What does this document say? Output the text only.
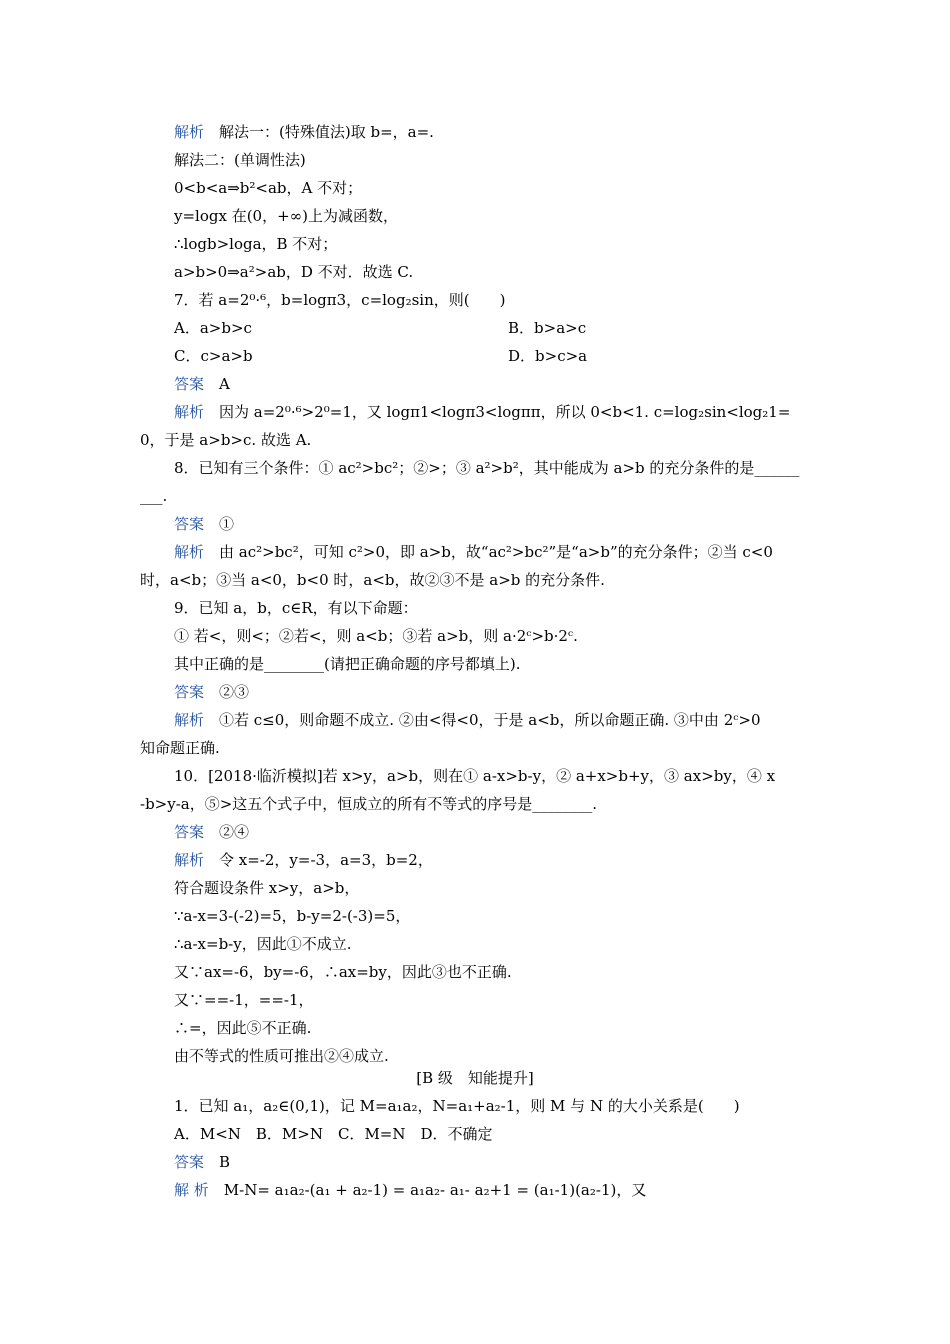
解析　解法一：(特殊值法)取 b=，a=.
解法二：(单调性法)
0<b<a⇒b²<ab，A 不对；
y=logx 在(0，+∞)上为减函数，
∴logb>loga，B 不对；
a>b>0⇒a²>ab，D 不对．故选 C.
7．若 a=2⁰·⁶，b=logπ3，c=log₂sin，则(　　)
A．a>b>c	B．b>a>c
C．c>a>b	D．b>c>a
答案　A
解析　因为 a=2⁰·⁶>2⁰=1，又 logπ1<logπ3<logππ，所以 0<b<1. c=log₂sin<log₂1=
0，于是 a>b>c. 故选 A.
8．已知有三个条件：① ac²>bc²；②>；③ a²>b²，其中能成为 a>b 的充分条件的是______
___.
答案　①
解析　由 ac²>bc²，可知 c²>0，即 a>b，故“ac²>bc²”是“a>b”的充分条件；②当 c<0
时，a<b；③当 a<0，b<0 时，a<b，故②③不是 a>b 的充分条件.
9．已知 a，b，c∈R，有以下命题：
① 若<，则<；②若<，则 a<b；③若 a>b，则 a·2ᶜ>b·2ᶜ.
其中正确的是________(请把正确命题的序号都填上).
答案　②③
解析　①若 c≤0，则命题不成立. ②由<得<0，于是 a<b，所以命题正确. ③中由 2ᶜ>0
知命题正确.
10．[2018·临沂模拟]若 x>y，a>b，则在① a-x>b-y，② a+x>b+y，③ ax>by，④ x
-b>y-a，⑤>这五个式子中，恒成立的所有不等式的序号是________.
答案　②④
解析　令 x=-2，y=-3，a=3，b=2，
符合题设条件 x>y，a>b，
∵a-x=3-(-2)=5，b-y=2-(-3)=5，
∴a-x=b-y，因此①不成立.
又∵ax=-6，by=-6，∴ax=by，因此③也不正确.
又∵==-1，==-1，
∴=，因此⑤不正确.
由不等式的性质可推出②④成立.
[B 级　知能提升]
1．已知 a₁，a₂∈(0,1)，记 M=a₁a₂，N=a₁+a₂-1，则 M 与 N 的大小关系是(　　)
A．M<N　B．M>N　C．M=N　D．不确定
答案　B
解 析　M-N= a₁a₂-(a₁ + a₂-1) = a₁a₂- a₁- a₂+1 = (a₁-1)(a₂-1)，又
